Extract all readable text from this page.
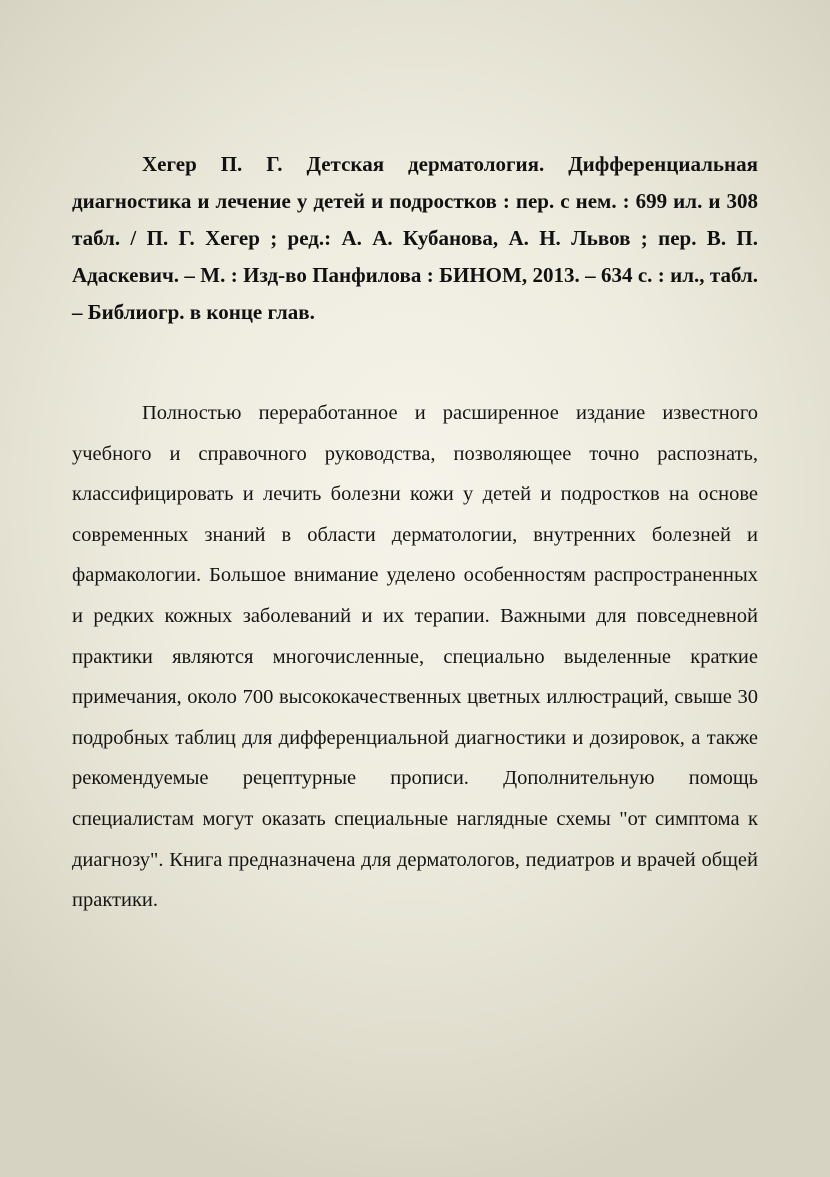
Хегер П. Г. Детская дерматология. Дифференциальная диагностика и лечение у детей и подростков : пер. с нем. : 699 ил. и 308 табл. / П. Г. Хегер ; ред.: А. А. Кубанова, А. Н. Львов ; пер. В. П. Адаскевич. – М. : Изд-во Панфилова : БИНОМ, 2013. – 634 с. : ил., табл. – Библиогр. в конце глав.

Полностью переработанное и расширенное издание известного учебного и справочного руководства, позволяющее точно распознать, классифицировать и лечить болезни кожи у детей и подростков на основе современных знаний в области дерматологии, внутренних болезней и фармакологии. Большое внимание уделено особенностям распространенных и редких кожных заболеваний и их терапии. Важными для повседневной практики являются многочисленные, специально выделенные краткие примечания, около 700 высококачественных цветных иллюстраций, свыше 30 подробных таблиц для дифференциальной диагностики и дозировок, а также рекомендуемые рецептурные прописи. Дополнительную помощь специалистам могут оказать специальные наглядные схемы "от симптома к диагнозу". Книга предназначена для дерматологов, педиатров и врачей общей практики.
